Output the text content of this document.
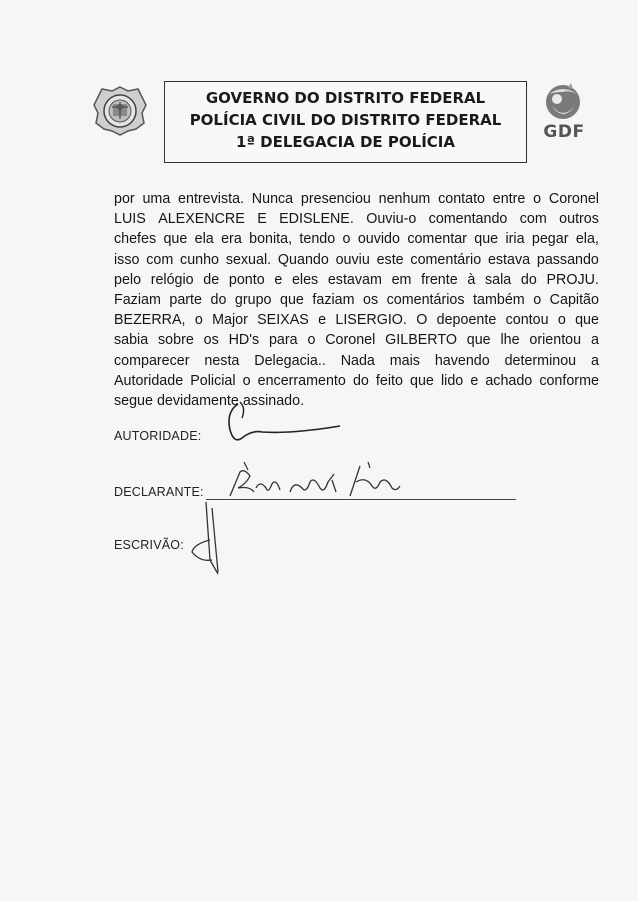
GOVERNO DO DISTRITO FEDERAL
POLÍCIA CIVIL DO DISTRITO FEDERAL
1ª DELEGACIA DE POLÍCIA	GDF
por uma entrevista. Nunca presenciou nenhum contato entre o Coronel
LUIS ALEXENCRE E EDISLENE. Ouviu-o comentando com outros
chefes que ela era bonita, tendo o ouvido comentar que iria pegar ela,
isso com cunho sexual. Quando ouviu este comentário estava passando
pelo relógio de ponto e eles estavam em frente à sala do PROJU.
Faziam parte do grupo que faziam os comentários também o Capitão
BEZERRA, o Major SEIXAS e LISERGIO. O depoente contou o que
sabia sobre os HD's para o Coronel GILBERTO que lhe orientou a
comparecer nesta Delegacia.. Nada mais havendo determinou a
Autoridade Policial o encerramento do feito que lido e achado conforme
segue devidamente assinado.
AUTORIDADE:
DECLARANTE:
ESCRIVÃO:
